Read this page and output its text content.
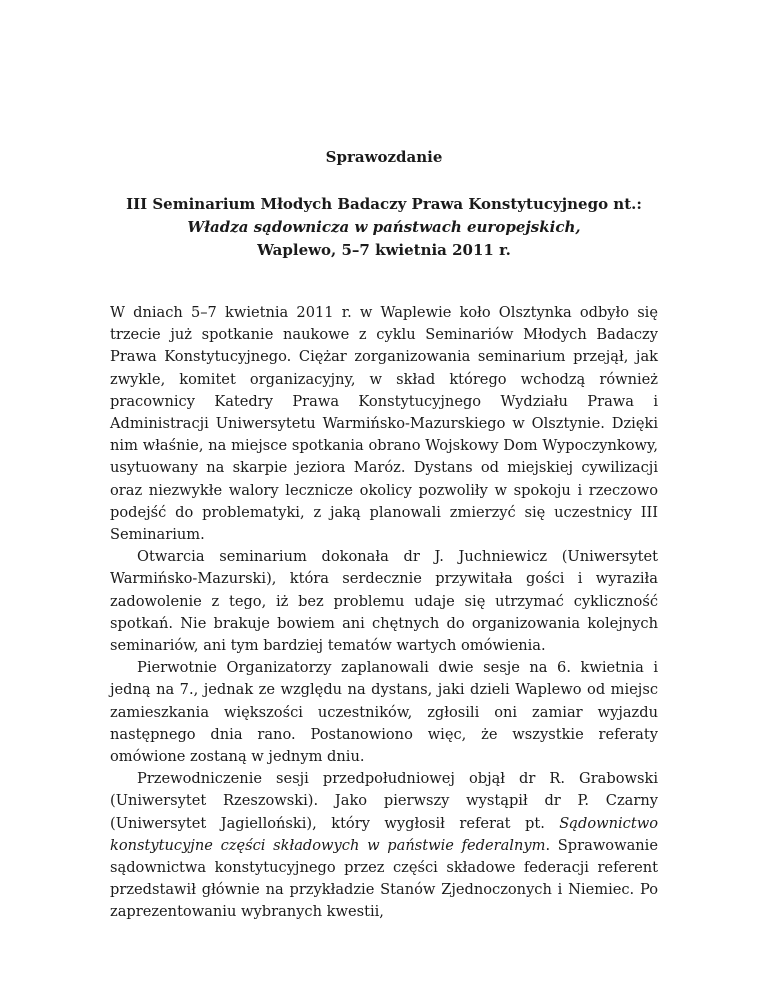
Sprawozdanie
III Seminarium Młodych Badaczy Prawa Konstytucyjnego nt.:
Władza sądownicza w państwach europejskich,
Waplewo, 5–7 kwietnia 2011 r.

W dniach 5–7 kwietnia 2011 r. w Waplewie koło Olsztynka odbyło się trzecie już spotkanie naukowe z cyklu Seminariów Młodych Badaczy Prawa Konstytucyjnego. Ciężar zorganizowania seminarium przejął, jak zwykle, komitet organizacyjny, w skład którego wchodzą również pracownicy Katedry Prawa Konstytucyjnego Wydziału Prawa i Administracji Uniwersytetu Warmińsko-Mazurskiego w Olsztynie. Dzięki nim właśnie, na miejsce spotkania obrano Wojskowy Dom Wypoczynkowy, usytuowany na skarpie jeziora Maróz. Dystans od miejskiej cywilizacji oraz niezwykłe walory lecznicze okolicy pozwoliły w spokoju i rzeczowo podejść do problematyki, z jaką planowali zmierzyć się uczestnicy III Seminarium.

Otwarcia seminarium dokonała dr J. Juchniewicz (Uniwersytet Warmińsko-Mazurski), która serdecznie przywitała gości i wyraziła zadowolenie z tego, iż bez problemu udaje się utrzymać cykliczność spotkań. Nie brakuje bowiem ani chętnych do organizowania kolejnych seminariów, ani tym bardziej tematów wartych omówienia.

Pierwotnie Organizatorzy zaplanowali dwie sesje na 6. kwietnia i jedną na 7., jednak ze względu na dystans, jaki dzieli Waplewo od miejsc zamieszkania większości uczestników, zgłosili oni zamiar wyjazdu następnego dnia rano. Postanowiono więc, że wszystkie referaty omówione zostaną w jednym dniu.

Przewodniczenie sesji przedpołudniowej objął dr R. Grabowski (Uniwersytet Rzeszowski). Jako pierwszy wystąpił dr P. Czarny (Uniwersytet Jagielloński), który wygłosił referat pt. Sądownictwo konstytucyjne części składowych w państwie federalnym. Sprawowanie sądownictwa konstytucyjnego przez części składowe federacji referent przedstawił głównie na przykładzie Stanów Zjednoczonych i Niemiec. Po zaprezentowaniu wybranych kwestii,
